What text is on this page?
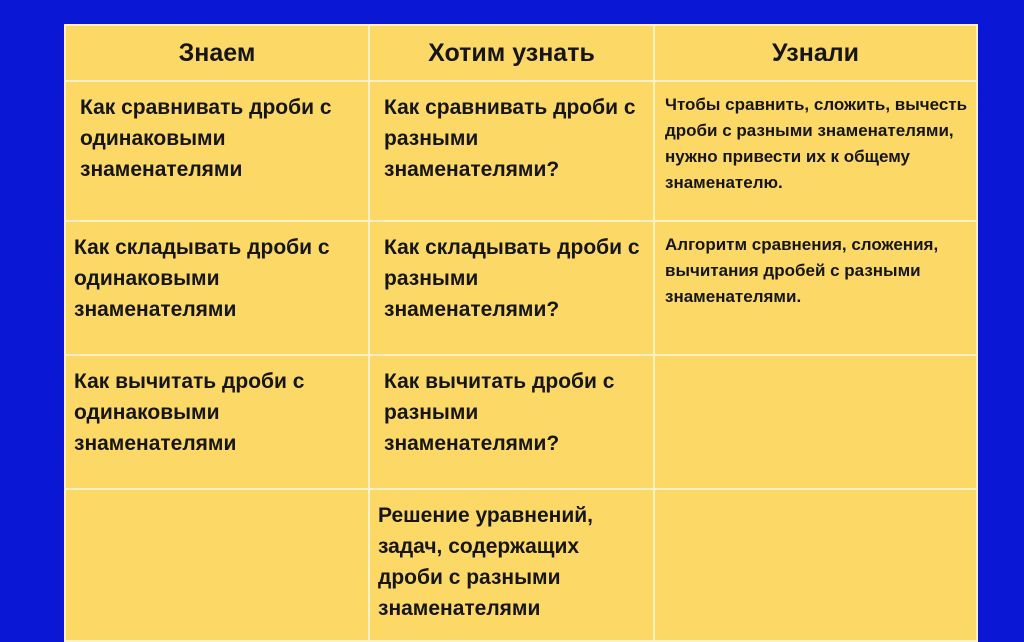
Знаем	Хотим узнать	Узнали
Как сравнивать дроби с одинаковыми знаменателями	Как сравнивать дроби с разными знаменателями?	Чтобы сравнить, сложить, вычесть дроби с разными знаменателями, нужно привести их к общему знаменателю.
Как складывать дроби с одинаковыми знаменателями	Как складывать дроби с разными знаменателями?	Алгоритм сравнения, сложения, вычитания дробей с разными знаменателями.
Как вычитать дроби с одинаковыми знаменателями	Как вычитать дроби с разными знаменателями?	
	Решение уравнений, задач, содержащих дроби с разными знаменателями	
